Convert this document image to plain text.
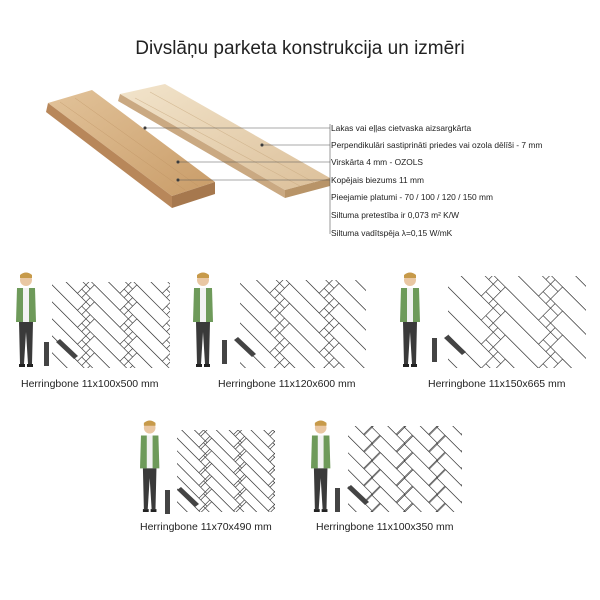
Divslāņu parketa konstrukcija un izmēri
Lakas vai eļļas cietvaska aizsargkārta
Perpendikulāri sastiprināti priedes vai ozola dēlīši - 7 mm
Virskārta 4 mm - OZOLS
Kopējais biezums 11 mm
Pieejamie platumi - 70 / 100 / 120 / 150 mm
Siltuma pretestība ir 0,073 m² K/W
Siltuma vadītspēja λ=0,15 W/mK
Herringbone 11x100x500 mm	Herringbone 11x120x600 mm	Herringbone 11x150x665 mm
Herringbone 11x70x490 mm	Herringbone 11x100x350 mm
